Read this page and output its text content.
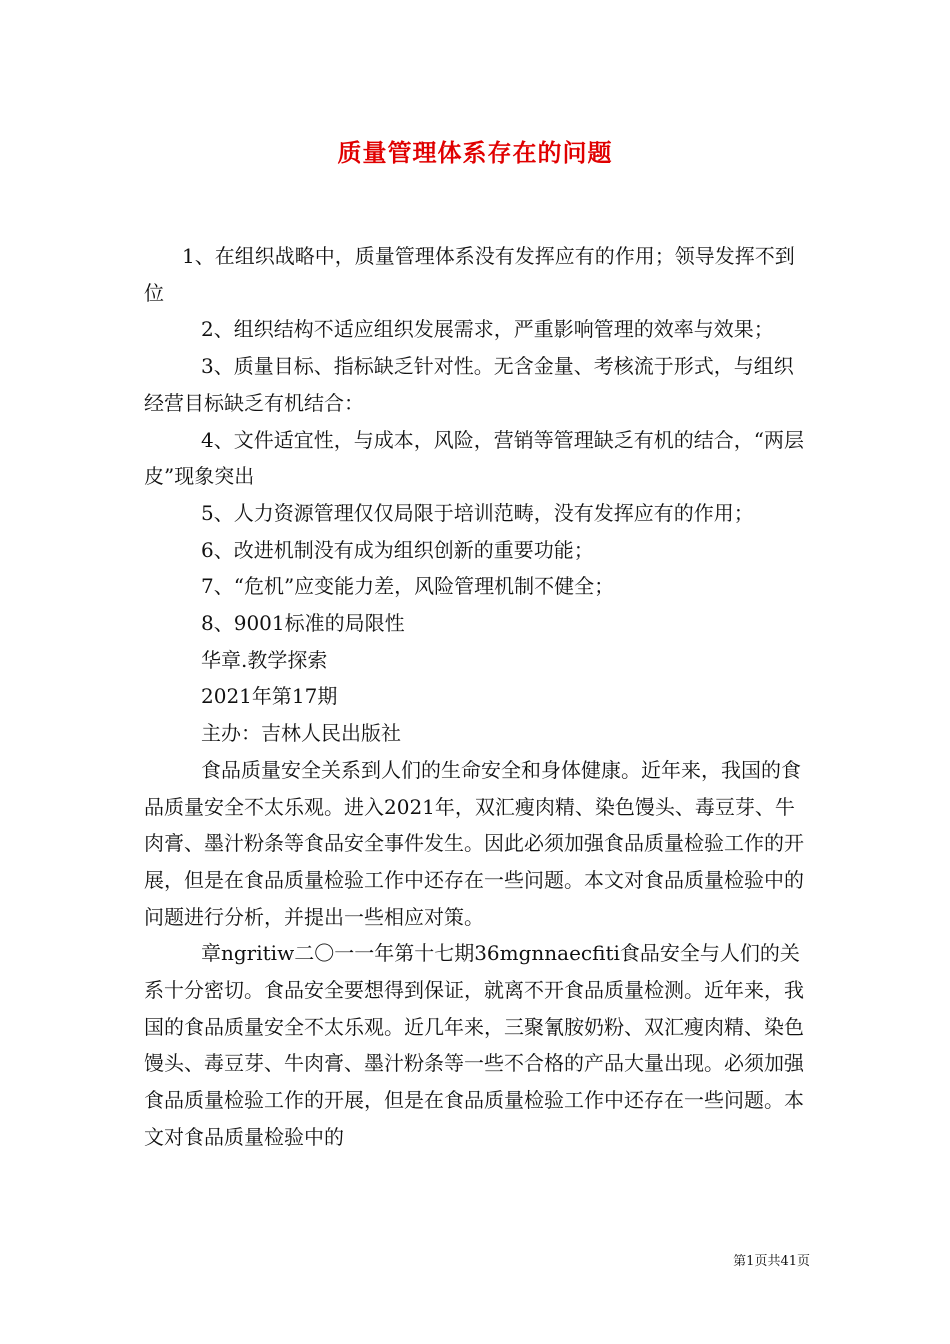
质量管理体系存在的问题

1、在组织战略中，质量管理体系没有发挥应有的作用；领导发挥不到位

2、组织结构不适应组织发展需求，严重影响管理的效率与效果；

3、质量目标、指标缺乏针对性。无含金量、考核流于形式，与组织经营目标缺乏有机结合：

4、文件适宜性，与成本，风险，营销等管理缺乏有机的结合，“两层皮”现象突出

5、人力资源管理仅仅局限于培训范畴，没有发挥应有的作用；

6、改进机制没有成为组织创新的重要功能；

7、“危机”应变能力差，风险管理机制不健全；

8、9001标准的局限性

华章.教学探索

2021年第17期

主办：吉林人民出版社

食品质量安全关系到人们的生命安全和身体健康。近年来，我国的食品质量安全不太乐观。进入2021年，双汇瘦肉精、染色馒头、毒豆芽、牛肉膏、墨汁粉条等食品安全事件发生。因此必须加强食品质量检验工作的开展，但是在食品质量检验工作中还存在一些问题。本文对食品质量检验中的问题进行分析，并提出一些相应对策。

章ngritiw二〇一一年第十七期36mgnnaecfiti食品安全与人们的关系十分密切。食品安全要想得到保证，就离不开食品质量检测。近年来，我国的食品质量安全不太乐观。近几年来，三聚氰胺奶粉、双汇瘦肉精、染色馒头、毒豆芽、牛肉膏、墨汁粉条等一些不合格的产品大量出现。必须加强食品质量检验工作的开展，但是在食品质量检验工作中还存在一些问题。本文对食品质量检验中的

第1页共41页
